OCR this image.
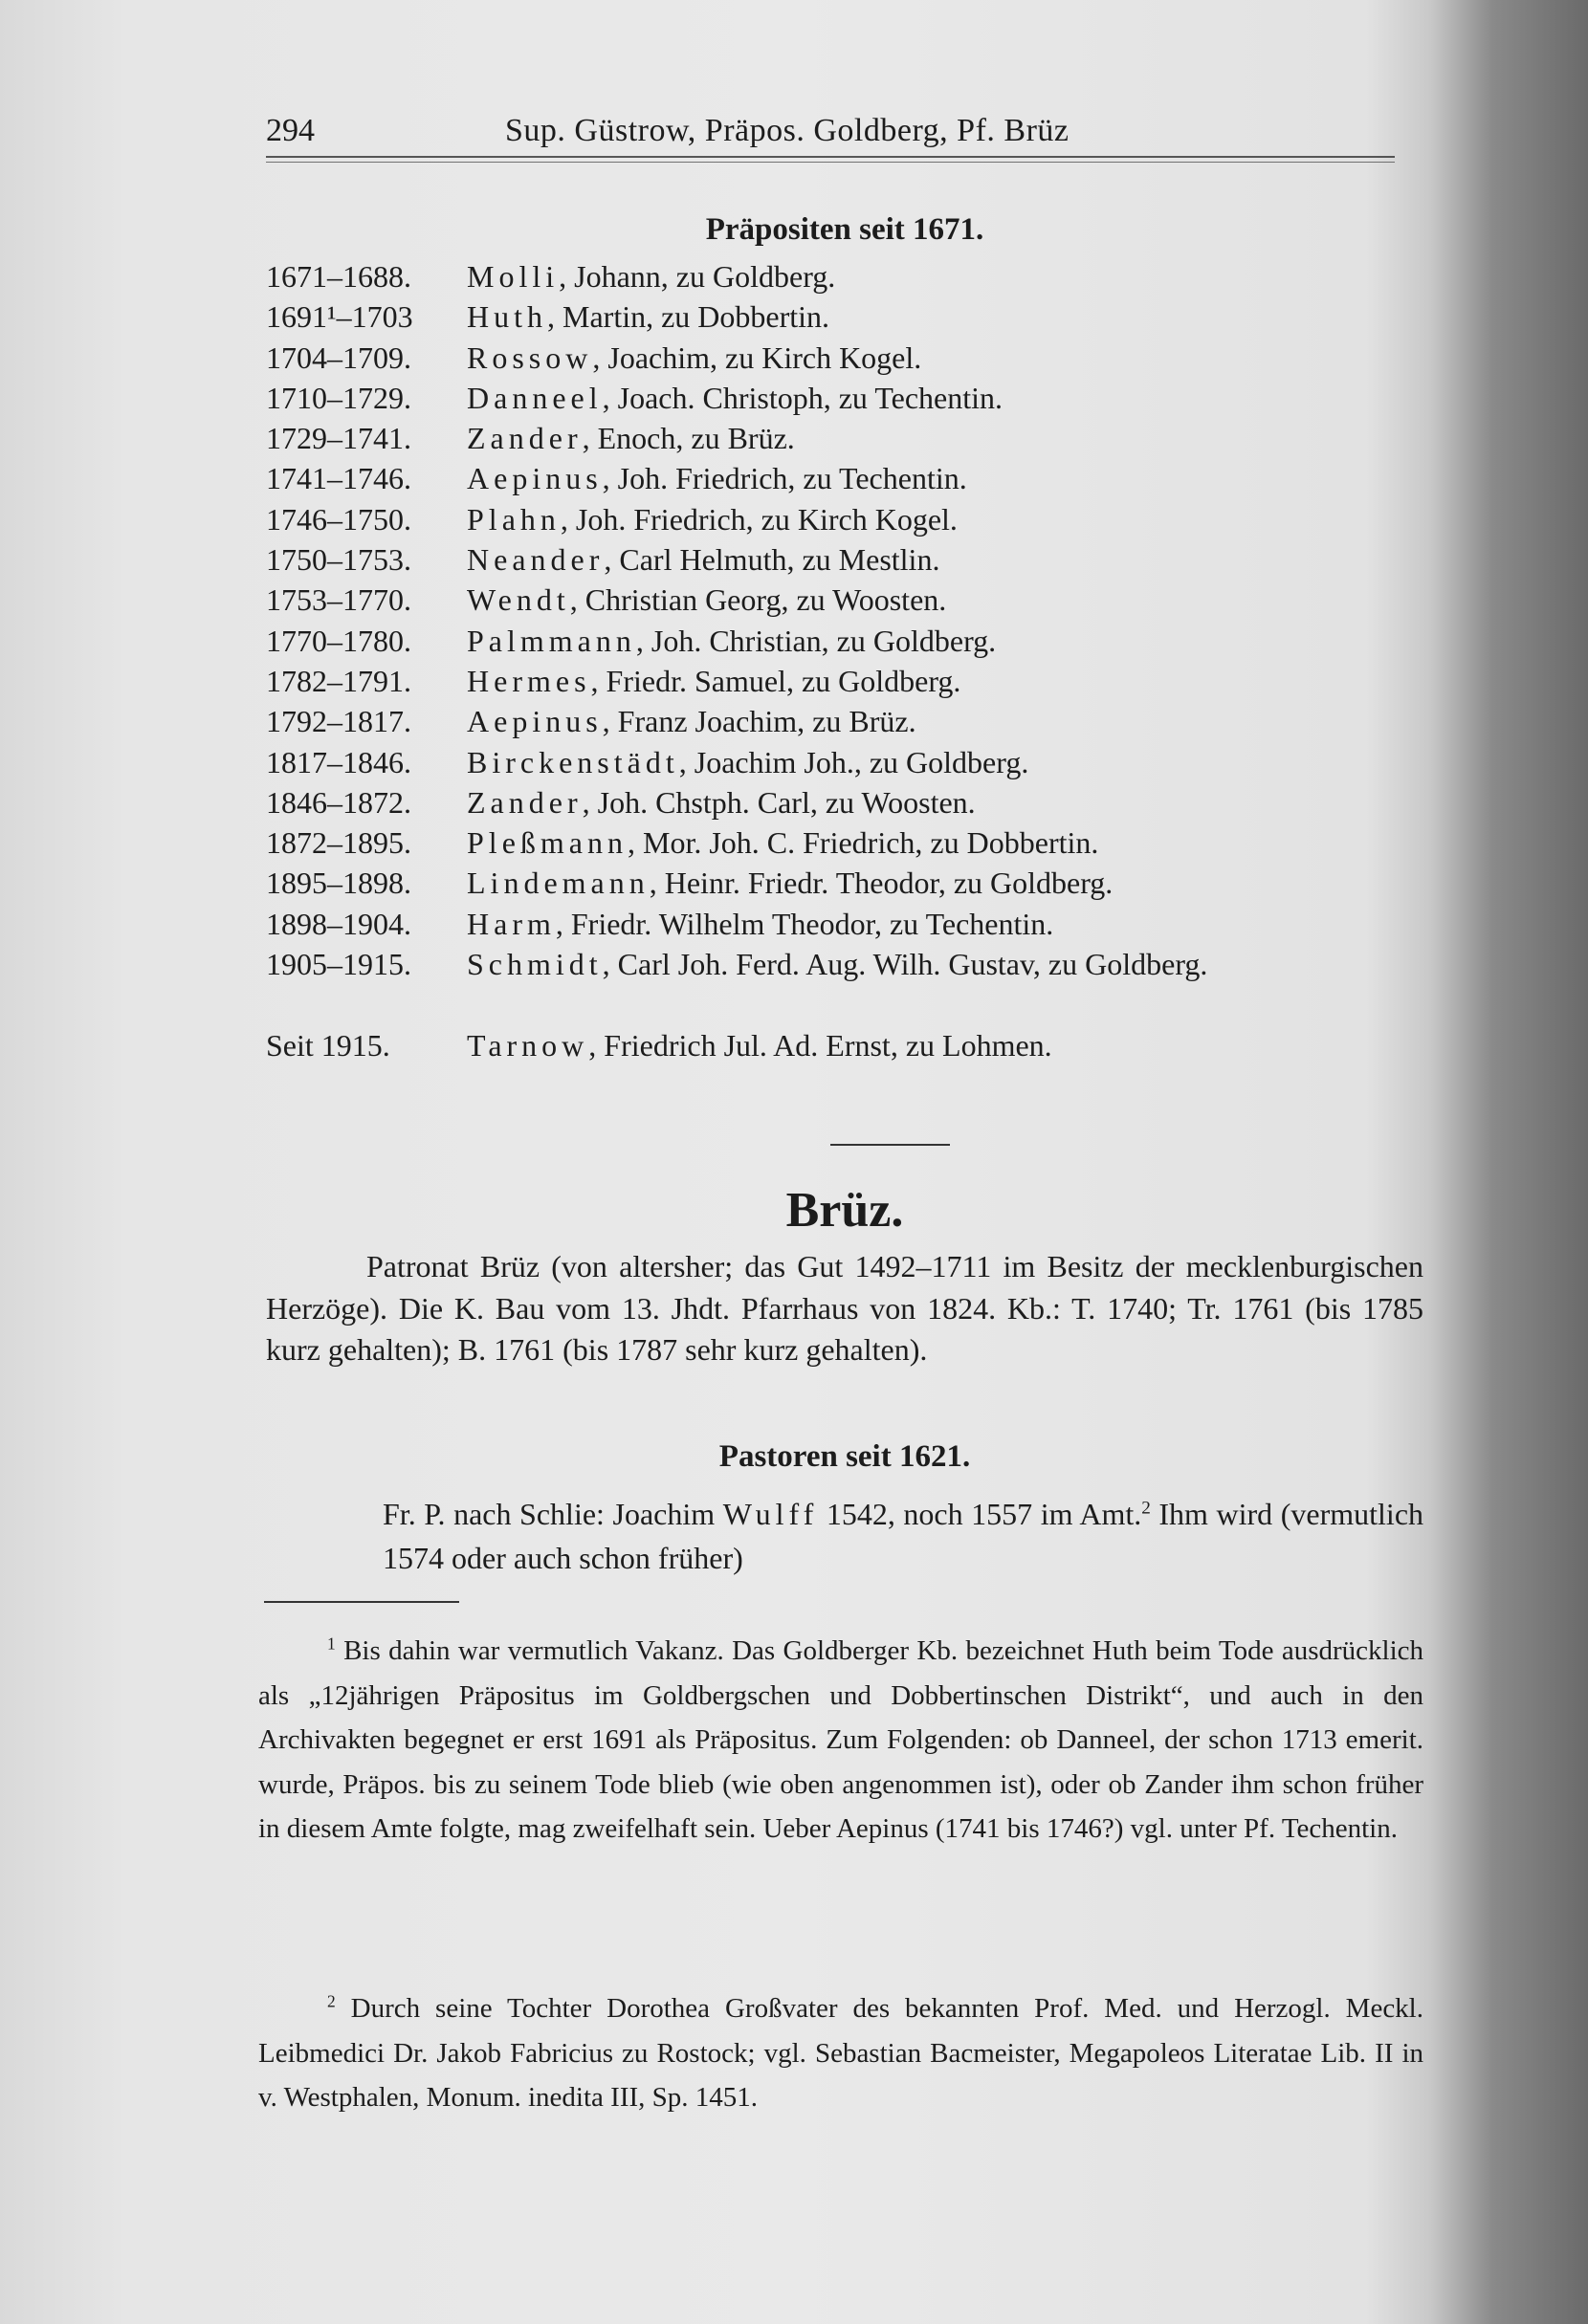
294	Sup. Güstrow, Präpos. Goldberg, Pf. Brüz
Präpositen seit 1671.
1671–1688.	Molli, Johann, zu Goldberg.
1691¹–1703	Huth, Martin, zu Dobbertin.
1704–1709.	Rossow, Joachim, zu Kirch Kogel.
1710–1729.	Danneel, Joach. Christoph, zu Techentin.
1729–1741.	Zander, Enoch, zu Brüz.
1741–1746.	Aepinus, Joh. Friedrich, zu Techentin.
1746–1750.	Plahn, Joh. Friedrich, zu Kirch Kogel.
1750–1753.	Neander, Carl Helmuth, zu Mestlin.
1753–1770.	Wendt, Christian Georg, zu Woosten.
1770–1780.	Palmmann, Joh. Christian, zu Goldberg.
1782–1791.	Hermes, Friedr. Samuel, zu Goldberg.
1792–1817.	Aepinus, Franz Joachim, zu Brüz.
1817–1846.	Birckenstädt, Joachim Joh., zu Goldberg.
1846–1872.	Zander, Joh. Chstph. Carl, zu Woosten.
1872–1895.	Pleßmann, Mor. Joh. C. Friedrich, zu Dobbertin.
1895–1898.	Lindemann, Heinr. Friedr. Theodor, zu Goldberg.
1898–1904.	Harm, Friedr. Wilhelm Theodor, zu Techentin.
1905–1915.	Schmidt, Carl Joh. Ferd. Aug. Wilh. Gustav, zu Goldberg.
Seit 1915.	Tarnow, Friedrich Jul. Ad. Ernst, zu Lohmen.
Brüz.
Patronat Brüz (von altersher; das Gut 1492–1711 im Besitz der mecklenburgischen Herzöge). Die K. Bau vom 13. Jhdt. Pfarrhaus von 1824. Kb.: T. 1740; Tr. 1761 (bis 1785 kurz gehalten); B. 1761 (bis 1787 sehr kurz gehalten).
Pastoren seit 1621.
Fr. P. nach Schlie: Joachim Wulff 1542, noch 1557 im Amt.$^2$ Ihm wird (vermutlich 1574 oder auch schon früher)
$^1$ Bis dahin war vermutlich Vakanz. Das Goldberger Kb. bezeichnet Huth beim Tode ausdrücklich als „12jährigen Präpositus im Goldbergschen und Dobbertinschen Distrikt“, und auch in den Archivakten begegnet er erst 1691 als Präpositus. Zum Folgenden: ob Danneel, der schon 1713 emerit. wurde, Präpos. bis zu seinem Tode blieb (wie oben angenommen ist), oder ob Zander ihm schon früher in diesem Amte folgte, mag zweifelhaft sein. Ueber Aepinus (1741 bis 1746?) vgl. unter Pf. Techentin.
$^2$ Durch seine Tochter Dorothea Großvater des bekannten Prof. Med. und Herzogl. Meckl. Leibmedici Dr. Jakob Fabricius zu Rostock; vgl. Sebastian Bacmeister, Megapoleos Literatae Lib. II in v. Westphalen, Monum. inedita III, Sp. 1451.
